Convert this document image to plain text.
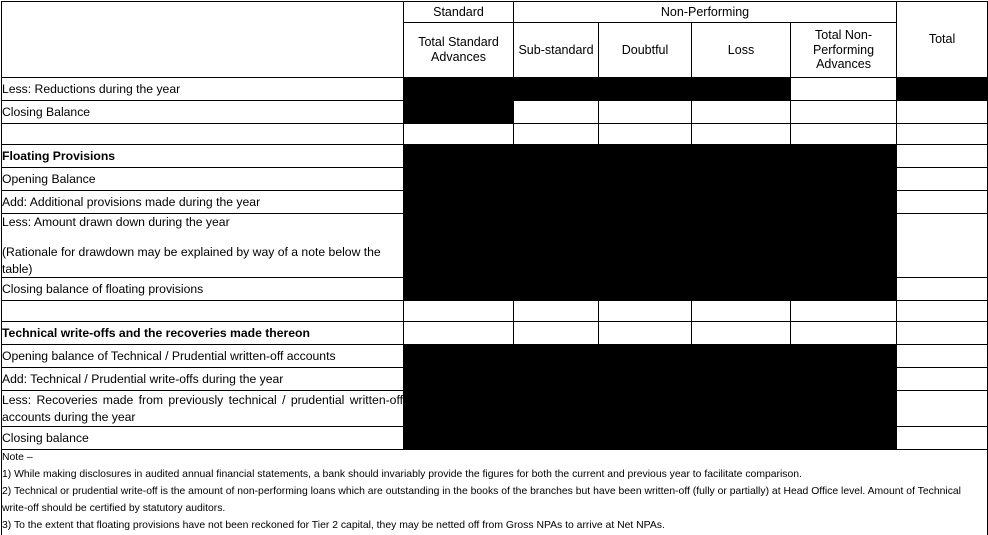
	Standard	Non-Performing				Total
	Total Standard Advances	Sub-standard	Doubtful	Loss	Total Non-Performing Advances	
Less: Reductions during the year						
Closing Balance						

Floating Provisions						
Opening Balance						
Add: Additional provisions made during the year						

Less: Amount drawn down during the year
(Rationale for drawdown may be explained by way of a note below the table)						

Closing balance of floating provisions						

Technical write-offs and the recoveries made thereon						
Opening balance of Technical / Prudential written-off accounts						
Add: Technical / Prudential write-offs during the year						
Less: Recoveries made from previously technical / prudential written-off accounts during the year						
Closing balance						

Note –
1) While making disclosures in audited annual financial statements, a bank should invariably provide the figures for both the current and previous year to facilitate comparison.
2) Technical or prudential write-off is the amount of non-performing loans which are outstanding in the books of the branches but have been written-off (fully or partially) at Head Office level. Amount of Technical write-off should be certified by statutory auditors.
3) To the extent that floating provisions have not been reckoned for Tier 2 capital, they may be netted off from Gross NPAs to arrive at Net NPAs.						
